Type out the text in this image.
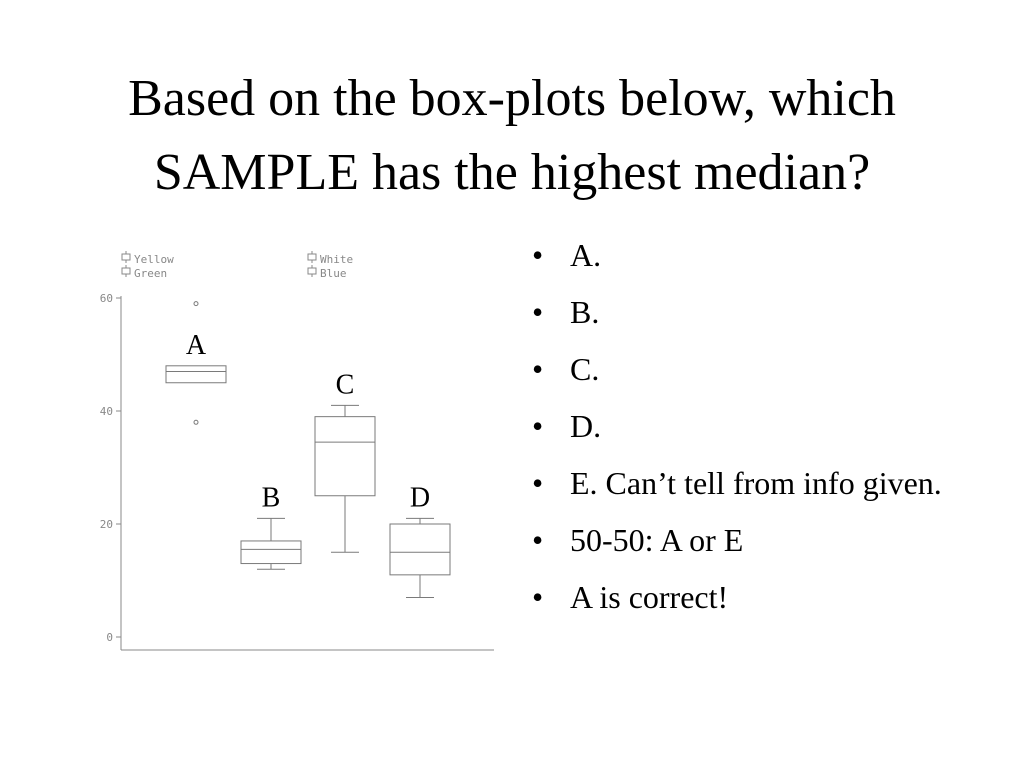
Based on the box-plots below, which
SAMPLE has the highest median?
0
20
40
60
Yellow
Green
White
Blue
A
B
C
D
• A.
• B.
• C.
• D.
• E. Can’t tell from info given.
• 50-50: A or E
• A is correct!
